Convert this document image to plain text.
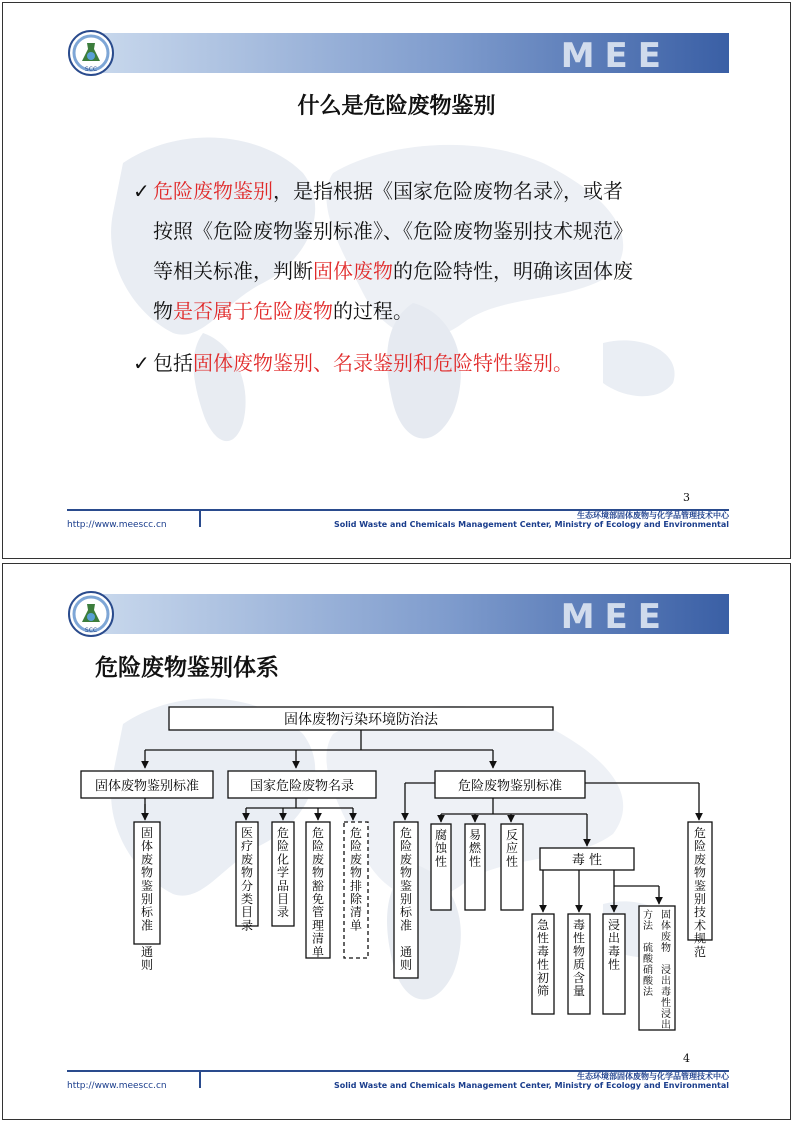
MEE
SCC
什么是危险废物鉴别
✓ 危险废物鉴别，是指根据《国家危险废物名录》，或者
按照《危险废物鉴别标准》、《危险废物鉴别技术规范》
等相关标准，判断固体废物的危险特性，明确该固体废
物是否属于危险废物的过程。
✓ 包括固体废物鉴别、名录鉴别和危险特性鉴别。
3
生态环境部固体废物与化学品管理技术中心
Solid Waste and Chemicals Management Center, Ministry of Ecology and Environmental
http://www.meescc.cn
MEE
SCC
危险废物鉴别体系
固体废物污染环境防治法
固体废物鉴别标准	国家危险废物名录	危险废物鉴别标准
固
体
废
物
鉴
别
标
准
通
则
医
疗
废
物
分
类
目
录
危
险
化
学
品
目
录
危
险
废
物
豁
免
管
理
清
单
危
险
废
物
排
除
清
单
危
险
废
物
鉴
别
标
准
通
则
腐
蚀
性
易
燃
性
反
应
性
急
性
毒
性
初
筛
毒
性
物
质
含
量
浸
出
毒
性
危
险
废
物
鉴
别
技
术
规
范
毒 性
固
体
废
物
浸
出
毒
性
浸
出
方
法
硫
酸
硝
酸
法
4
生态环境部固体废物与化学品管理技术中心
Solid Waste and Chemicals Management Center, Ministry of Ecology and Environmental
http://www.meescc.cn
